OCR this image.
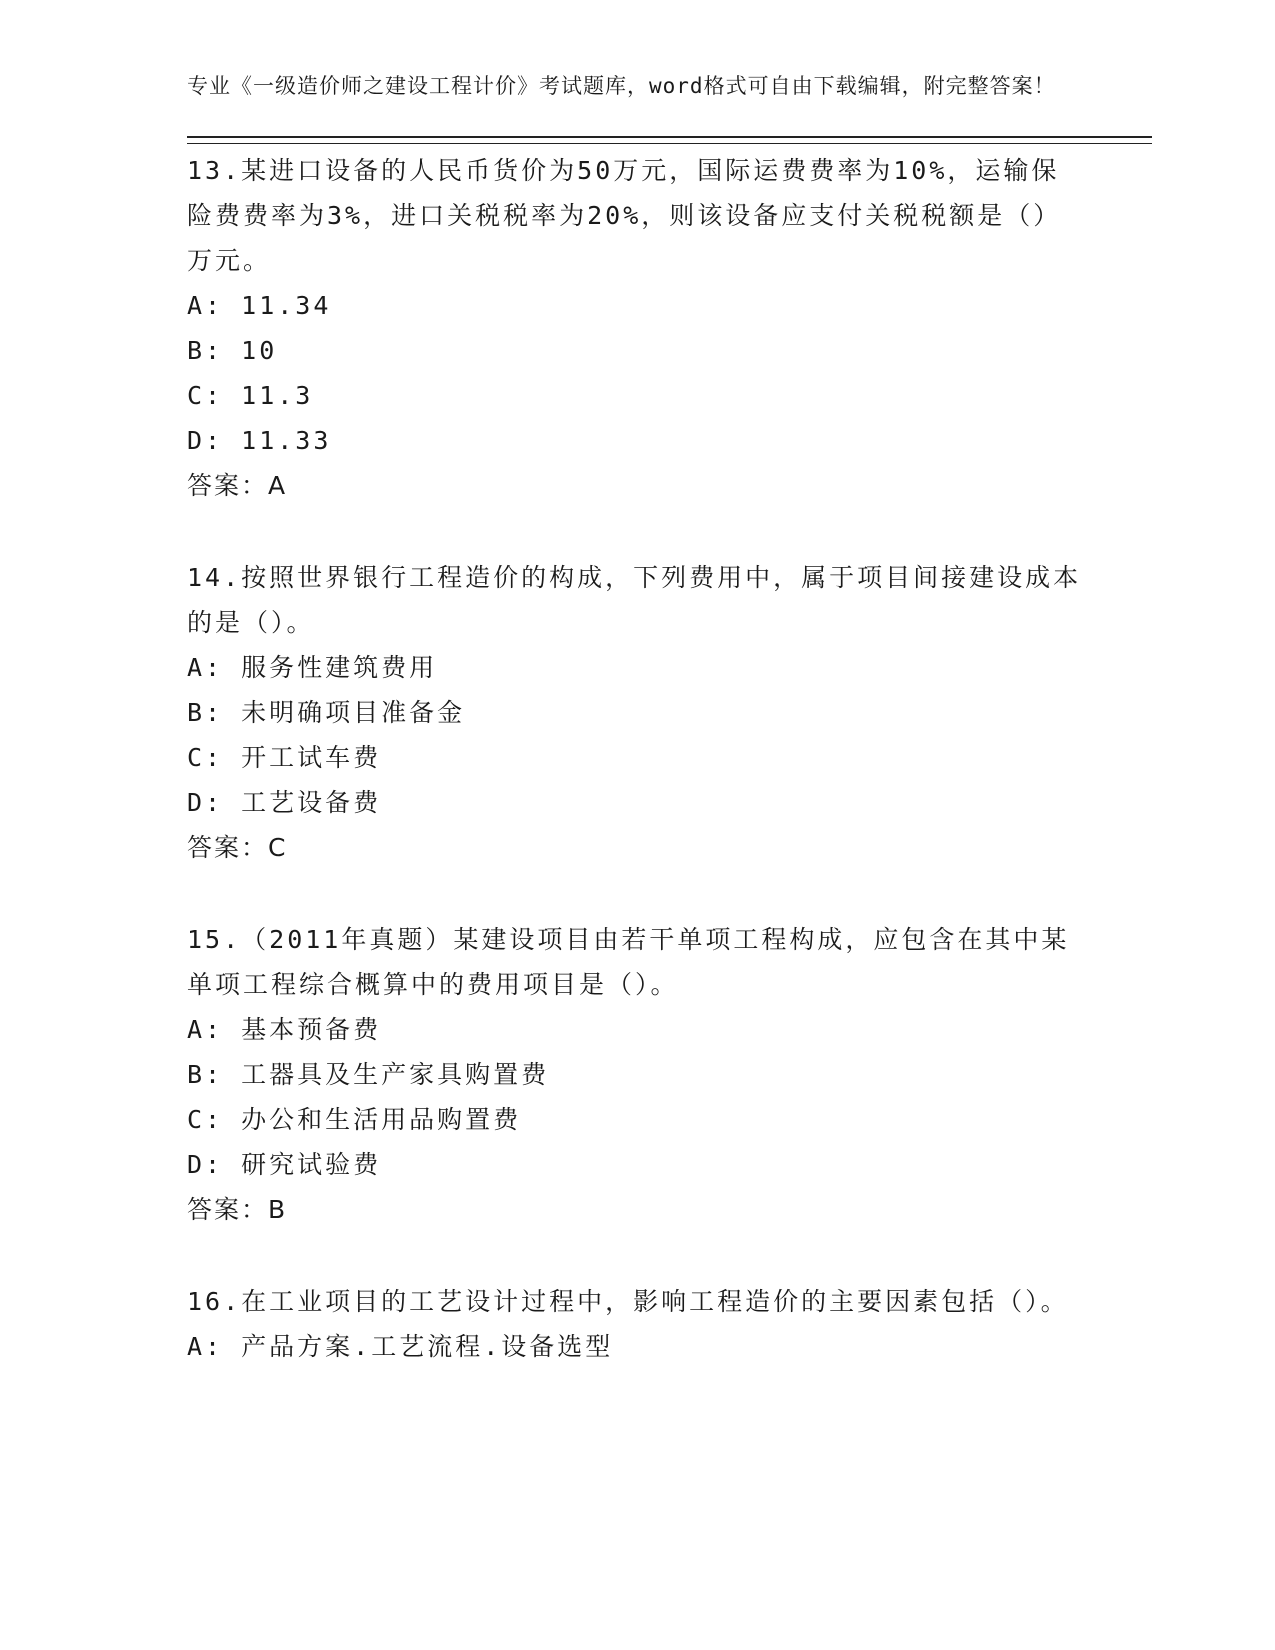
专业《一级造价师之建设工程计价》考试题库，word格式可自由下载编辑，附完整答案！

13.某进口设备的人民币货价为50万元，国际运费费率为10%，运输保险费费率为3%，进口关税税率为20%，则该设备应支付关税税额是（）万元。

A: 11.34

B: 10

C: 11.3

D: 11.33

答案：A

14.按照世界银行工程造价的构成，下列费用中，属于项目间接建设成本的是（）。

A: 服务性建筑费用

B: 未明确项目准备金

C: 开工试车费

D: 工艺设备费

答案：C

15.（2011年真题）某建设项目由若干单项工程构成，应包含在其中某单项工程综合概算中的费用项目是（）。

A: 基本预备费

B: 工器具及生产家具购置费

C: 办公和生活用品购置费

D: 研究试验费

答案：B

16.在工业项目的工艺设计过程中，影响工程造价的主要因素包括（）。

A: 产品方案.工艺流程.设备选型
